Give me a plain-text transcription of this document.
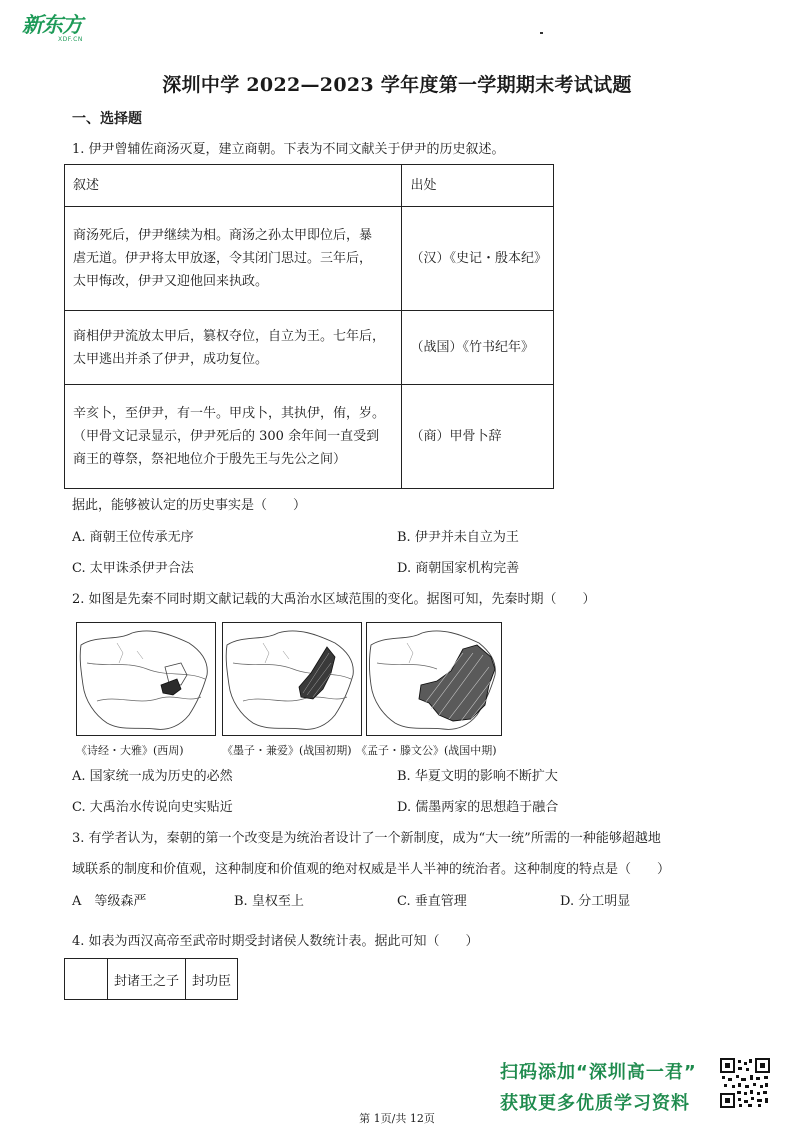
新东方
XDF.CN
深圳中学 2022—2023 学年度第一学期期末考试试题
一、选择题
1. 伊尹曾辅佐商汤灭夏，建立商朝。下表为不同文献关于伊尹的历史叙述。
叙述	出处

商汤死后，伊尹继续为相。商汤之孙太甲即位后，暴
虐无道。伊尹将太甲放逐，令其闭门思过。三年后，
太甲悔改，伊尹又迎他回来执政。	（汉）《史记・殷本纪》

商相伊尹流放太甲后，篡权夺位，自立为王。七年后，
太甲逃出并杀了伊尹，成功复位。	（战国）《竹书纪年》

辛亥卜，至伊尹，有一牛。甲戌卜，其执伊，侑，岁。
（甲骨文记录显示，伊尹死后的 300 余年间一直受到
商王的尊祭，祭祀地位介于殷先王与先公之间）	（商）甲骨卜辞
据此，能够被认定的历史事实是（　　）
A. 商朝王位传承无序	B. 伊尹并未自立为王
C. 太甲诛杀伊尹合法	D. 商朝国家机构完善
2. 如图是先秦不同时期文献记载的大禹治水区域范围的变化。据图可知，先秦时期（　　）
《诗经・大雅》(西周)	《墨子・兼爱》(战国初期) 《孟子・滕文公》(战国中期)
A. 国家统一成为历史的必然	B. 华夏文明的影响不断扩大
C. 大禹治水传说向史实贴近	D. 儒墨两家的思想趋于融合
3. 有学者认为，秦朝的第一个改变是为统治者设计了一个新制度，成为“大一统”所需的一种能够超越地
域联系的制度和价值观，这种制度和价值观的绝对权威是半人半神的统治者。这种制度的特点是（　　）
A　等级森严	B. 皇权至上	C. 垂直管理	D. 分工明显
4. 如表为西汉高帝至武帝时期受封诸侯人数统计表。据此可知（　　）
	封诸王之子	封功臣
扫码添加“深圳高一君”
获取更多优质学习资料
第 1页/共 12页
